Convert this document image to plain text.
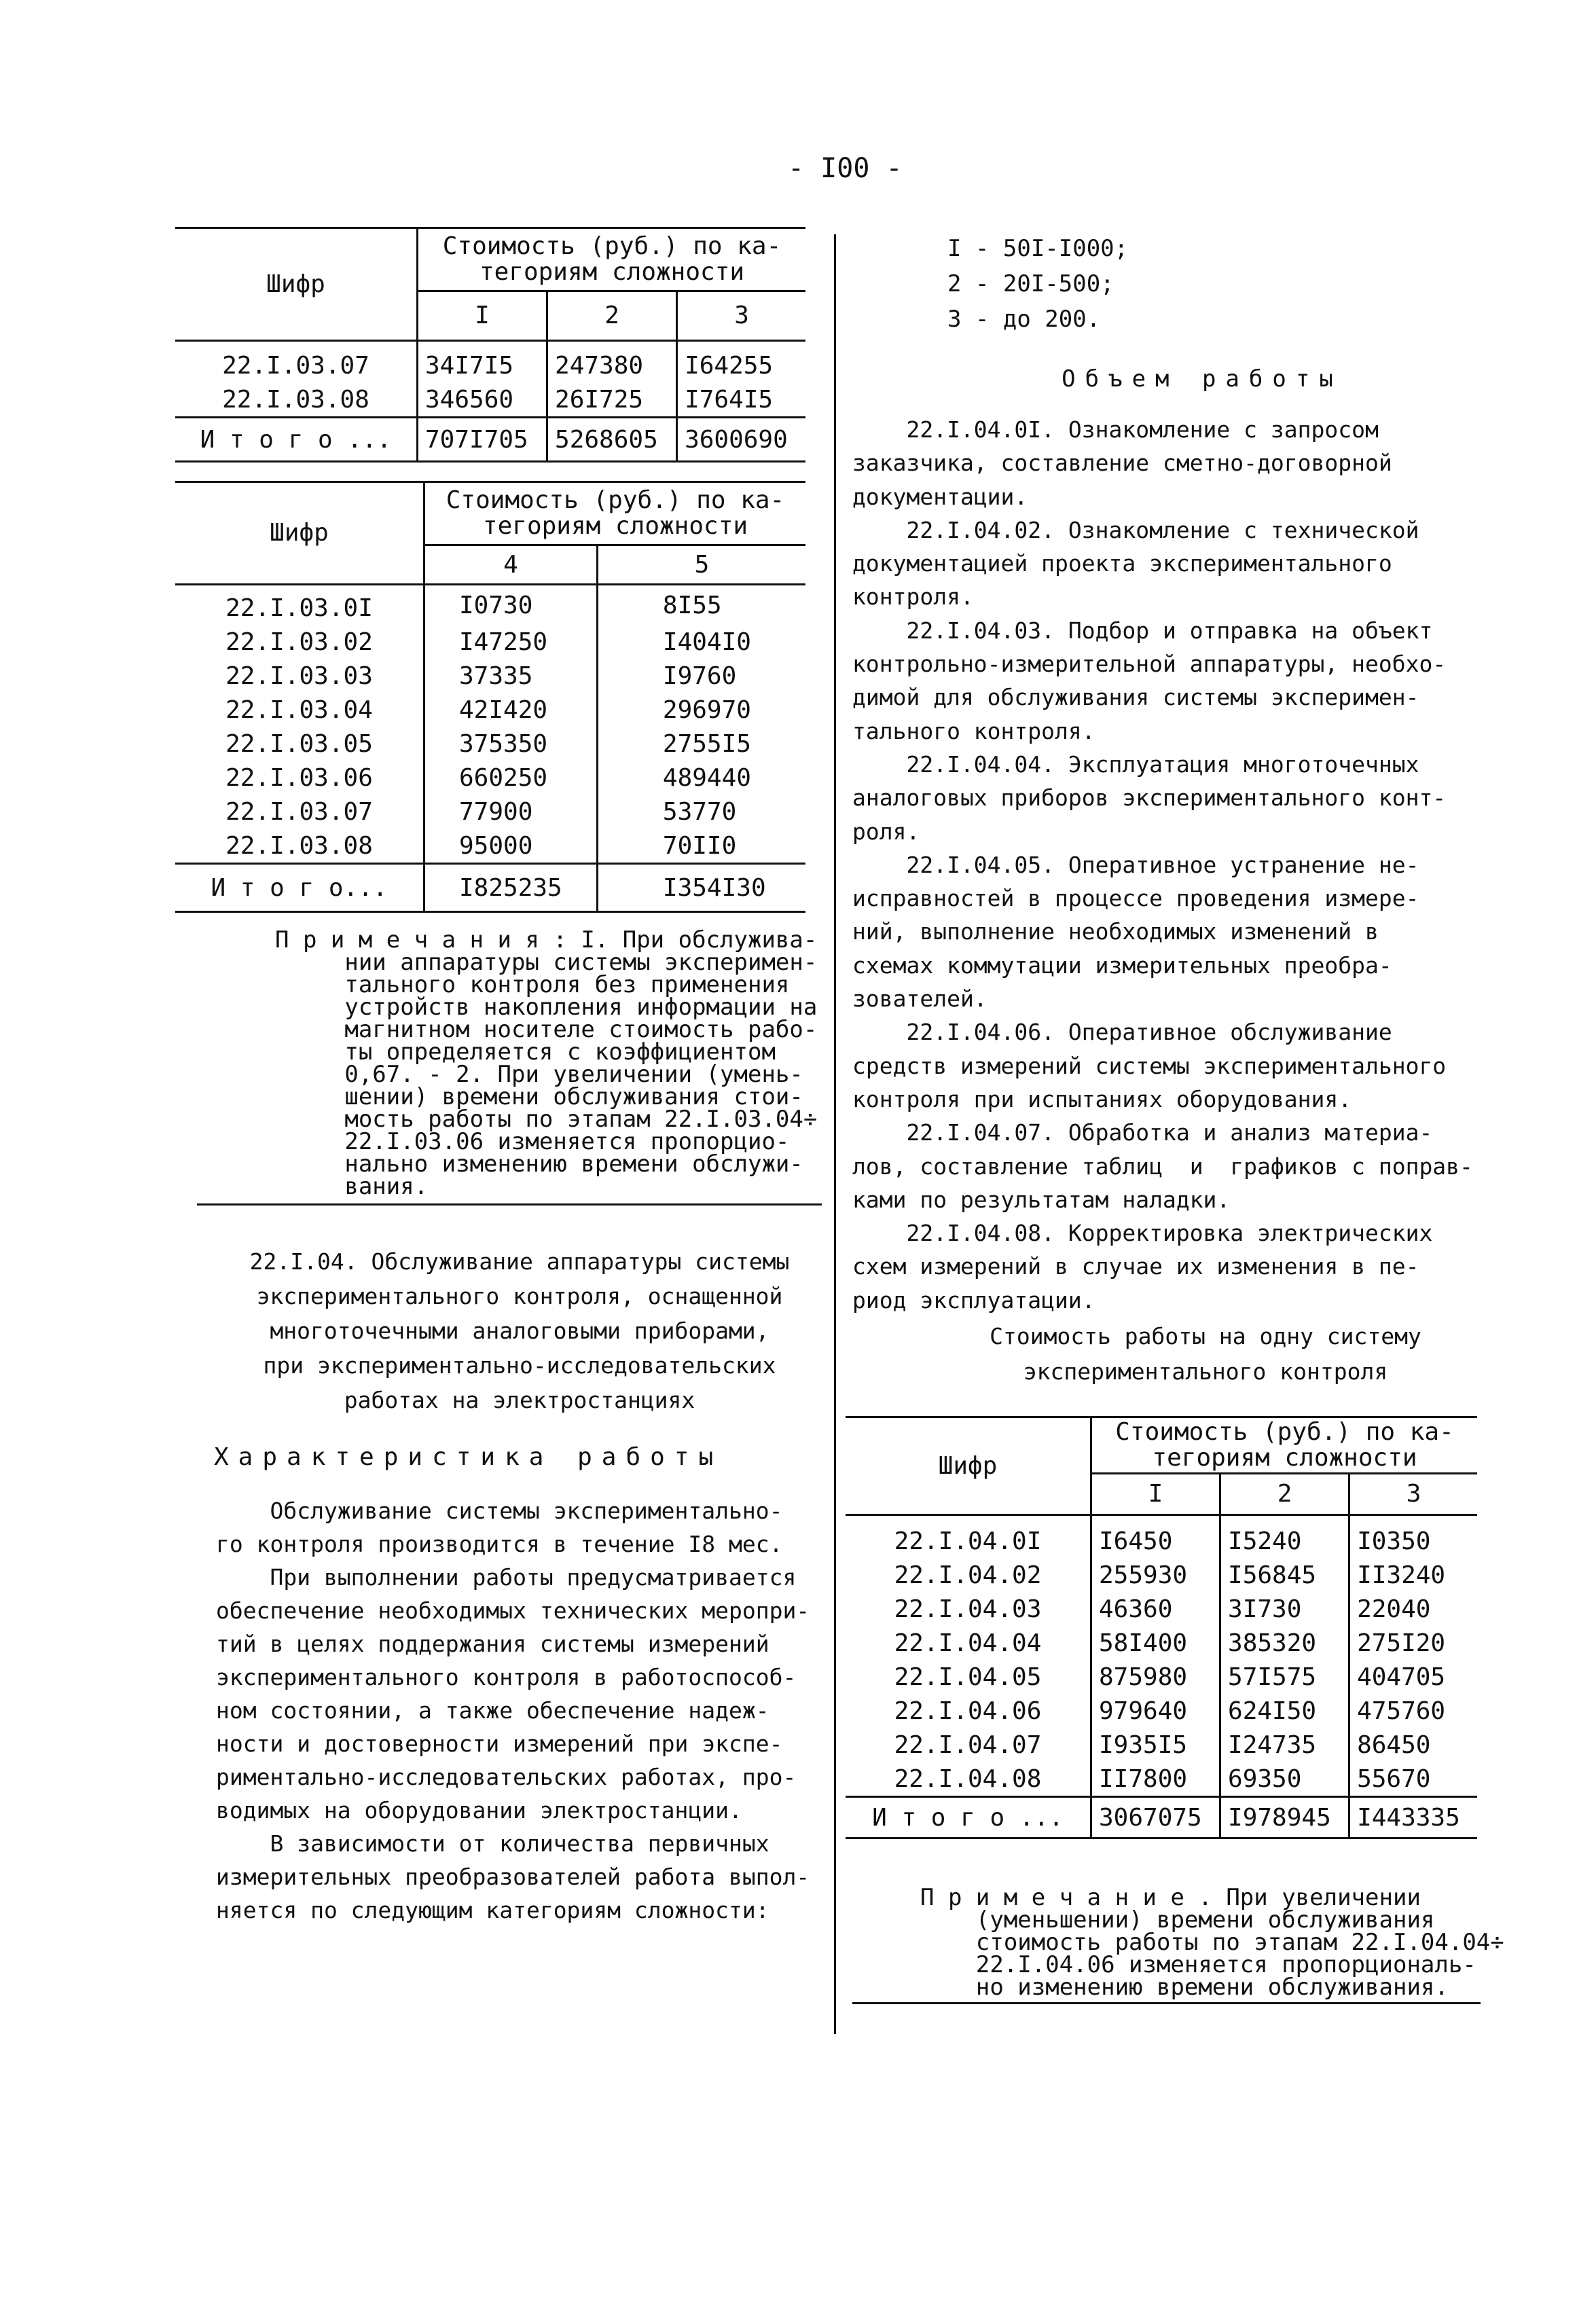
- I00 -
Шифр	Стоимость (руб.) по ка-
тегориям сложности		
	I	2	3
22.I.03.07	34I7I5	247380	I64255
22.I.03.08	346560	26I725	I764I5
И т о г о ...	707I705	5268605	3600690
Шифр	Стоимость (руб.) по ка-
тегориям сложности	
	4	5
22.I.03.0I	I0730	8I55
22.I.03.02	I47250	I404I0
22.I.03.03	37335	I9760
22.I.03.04	42I420	296970
22.I.03.05	375350	2755I5
22.I.03.06	660250	489440
22.I.03.07	77900	53770
22.I.03.08	95000	70II0
И т о г о...	I825235	I354I30
П р и м е ч а н и я : I. При обслужива-
нии аппаратуры системы эксперимен-
тального контроля без применения
устройств накопления информации на
магнитном носителе стоимость рабо-
ты определяется с коэффициентом
0,67. - 2. При увеличении (умень-
шении) времени обслуживания стои-
мость работы по этапам 22.I.03.04÷
22.I.03.06 изменяется пропорцио-
нально изменению времени обслужи-
вания.
22.I.04. Обслуживание аппаратуры системы
экспериментального контроля, оснащенной
многоточечными аналоговыми приборами,
при экспериментально-исследовательских
работах на электростанциях
Характеристика работы
Обслуживание системы экспериментально-
го контроля производится в течение I8 мес.
При выполнении работы предусматривается
обеспечение необходимых технических меропри-
тий в целях поддержания системы измерений
экспериментального контроля в работоспособ-
ном состоянии, а также обеспечение надеж-
ности и достоверности измерений при экспе-
риментально-исследовательских работах, про-
водимых на оборудовании электростанции.
В зависимости от количества первичных
измерительных преобразователей работа выпол-
няется по следующим категориям сложности:
I - 50I-I000;
2 - 20I-500;
3 - до 200.
Объем работы
22.I.04.0I. Ознакомление с запросом
заказчика, составление сметно-договорной
документации.
22.I.04.02. Ознакомление с технической
документацией проекта экспериментального
контроля.
22.I.04.03. Подбор и отправка на объект
контрольно-измерительной аппаратуры, необхо-
димой для обслуживания системы эксперимен-
тального контроля.
22.I.04.04. Эксплуатация многоточечных
аналоговых приборов экспериментального конт-
роля.
22.I.04.05. Оперативное устранение не-
исправностей в процессе проведения измере-
ний, выполнение необходимых изменений в
схемах коммутации измерительных преобра-
зователей.
22.I.04.06. Оперативное обслуживание
средств измерений системы экспериментального
контроля при испытаниях оборудования.
22.I.04.07. Обработка и анализ материа-
лов, составление таблиц  и  графиков с поправ-
ками по результатам наладки.
22.I.04.08. Корректировка электрических
схем измерений в случае их изменения в пе-
риод эксплуатации.
Стоимость работы на одну систему
экспериментального контроля
Шифр	Стоимость (руб.) по ка-
тегориям сложности		
	I	2	3
22.I.04.0I	I6450	I5240	I0350
22.I.04.02	255930	I56845	II3240
22.I.04.03	46360	3I730	22040
22.I.04.04	58I400	385320	275I20
22.I.04.05	875980	57I575	404705
22.I.04.06	979640	624I50	475760
22.I.04.07	I935I5	I24735	86450
22.I.04.08	II7800	69350	55670
И т о г о ...	3067075	I978945	I443335
П р и м е ч а н и е . При увеличении
(уменьшении) времени обслуживания
стоимость работы по этапам 22.I.04.04÷
22.I.04.06 изменяется пропорциональ-
но изменению времени обслуживания.
